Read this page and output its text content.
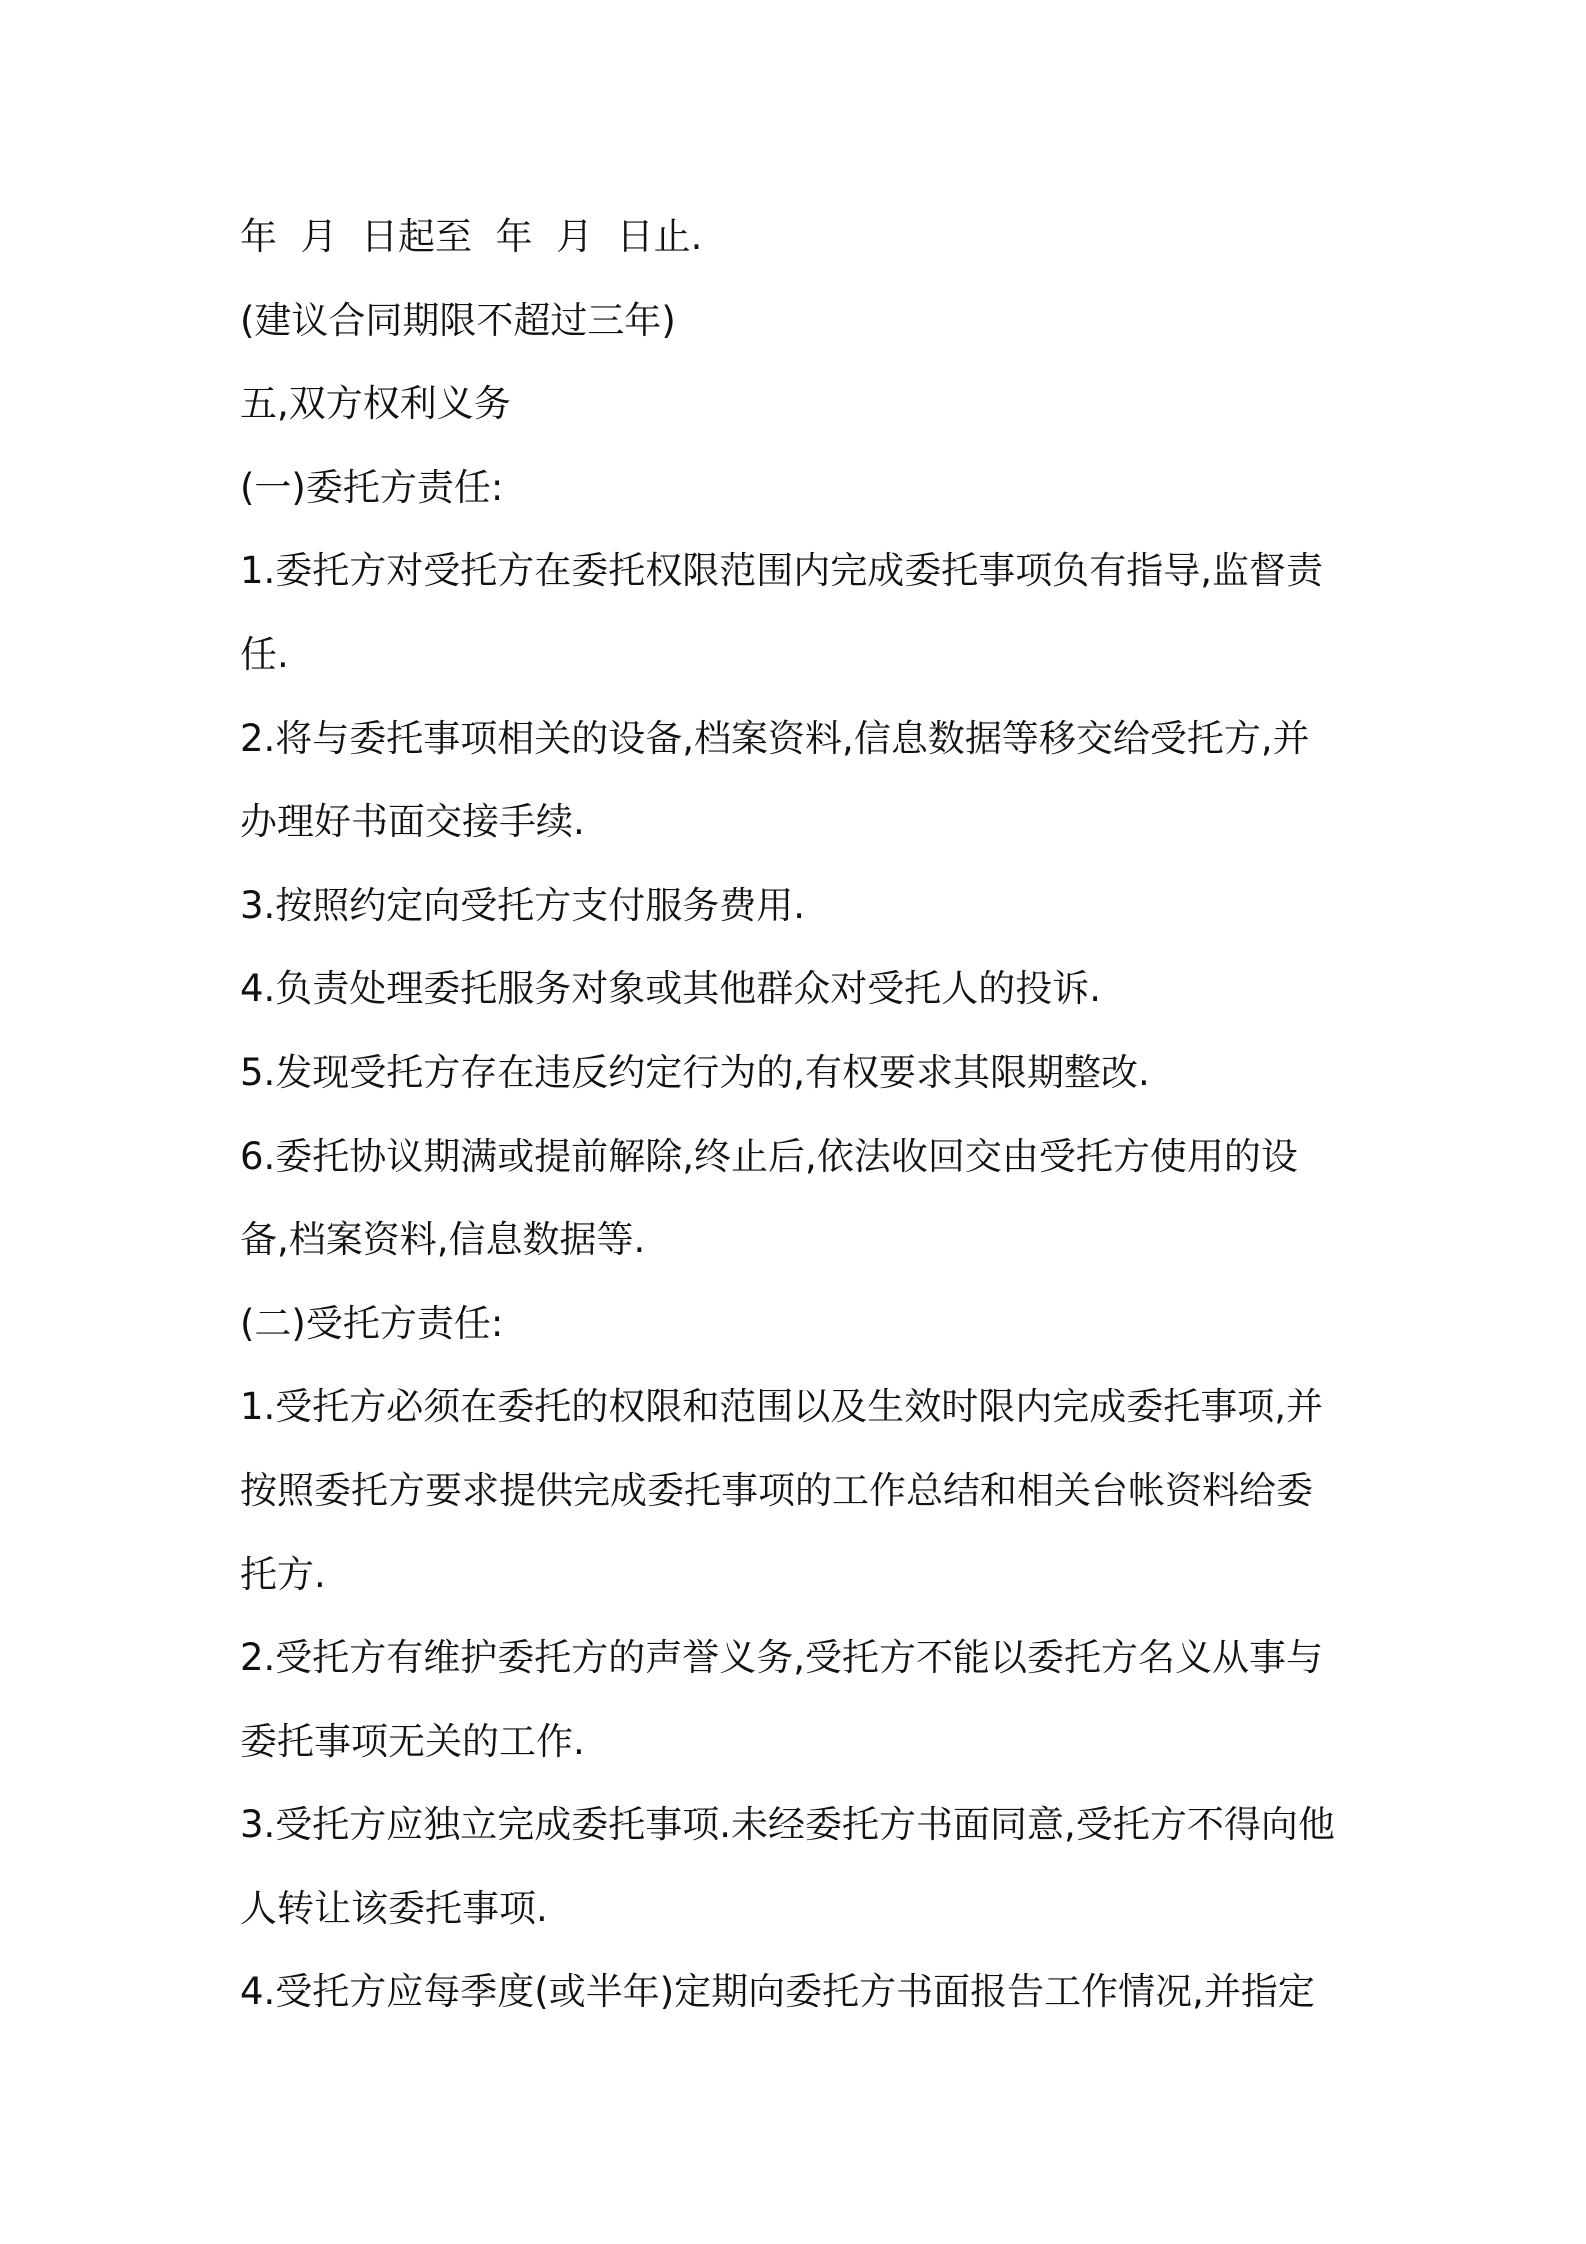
年  月  日起至  年  月  日止.
(建议合同期限不超过三年)
五,双方权利义务
(一)委托方责任:
1.委托方对受托方在委托权限范围内完成委托事项负有指导,监督责
任.
2.将与委托事项相关的设备,档案资料,信息数据等移交给受托方,并
办理好书面交接手续.
3.按照约定向受托方支付服务费用.
4.负责处理委托服务对象或其他群众对受托人的投诉.
5.发现受托方存在违反约定行为的,有权要求其限期整改.
6.委托协议期满或提前解除,终止后,依法收回交由受托方使用的设
备,档案资料,信息数据等.
(二)受托方责任:
1.受托方必须在委托的权限和范围以及生效时限内完成委托事项,并
按照委托方要求提供完成委托事项的工作总结和相关台帐资料给委
托方.
2.受托方有维护委托方的声誉义务,受托方不能以委托方名义从事与
委托事项无关的工作.
3.受托方应独立完成委托事项.未经委托方书面同意,受托方不得向他
人转让该委托事项.
4.受托方应每季度(或半年)定期向委托方书面报告工作情况,并指定
